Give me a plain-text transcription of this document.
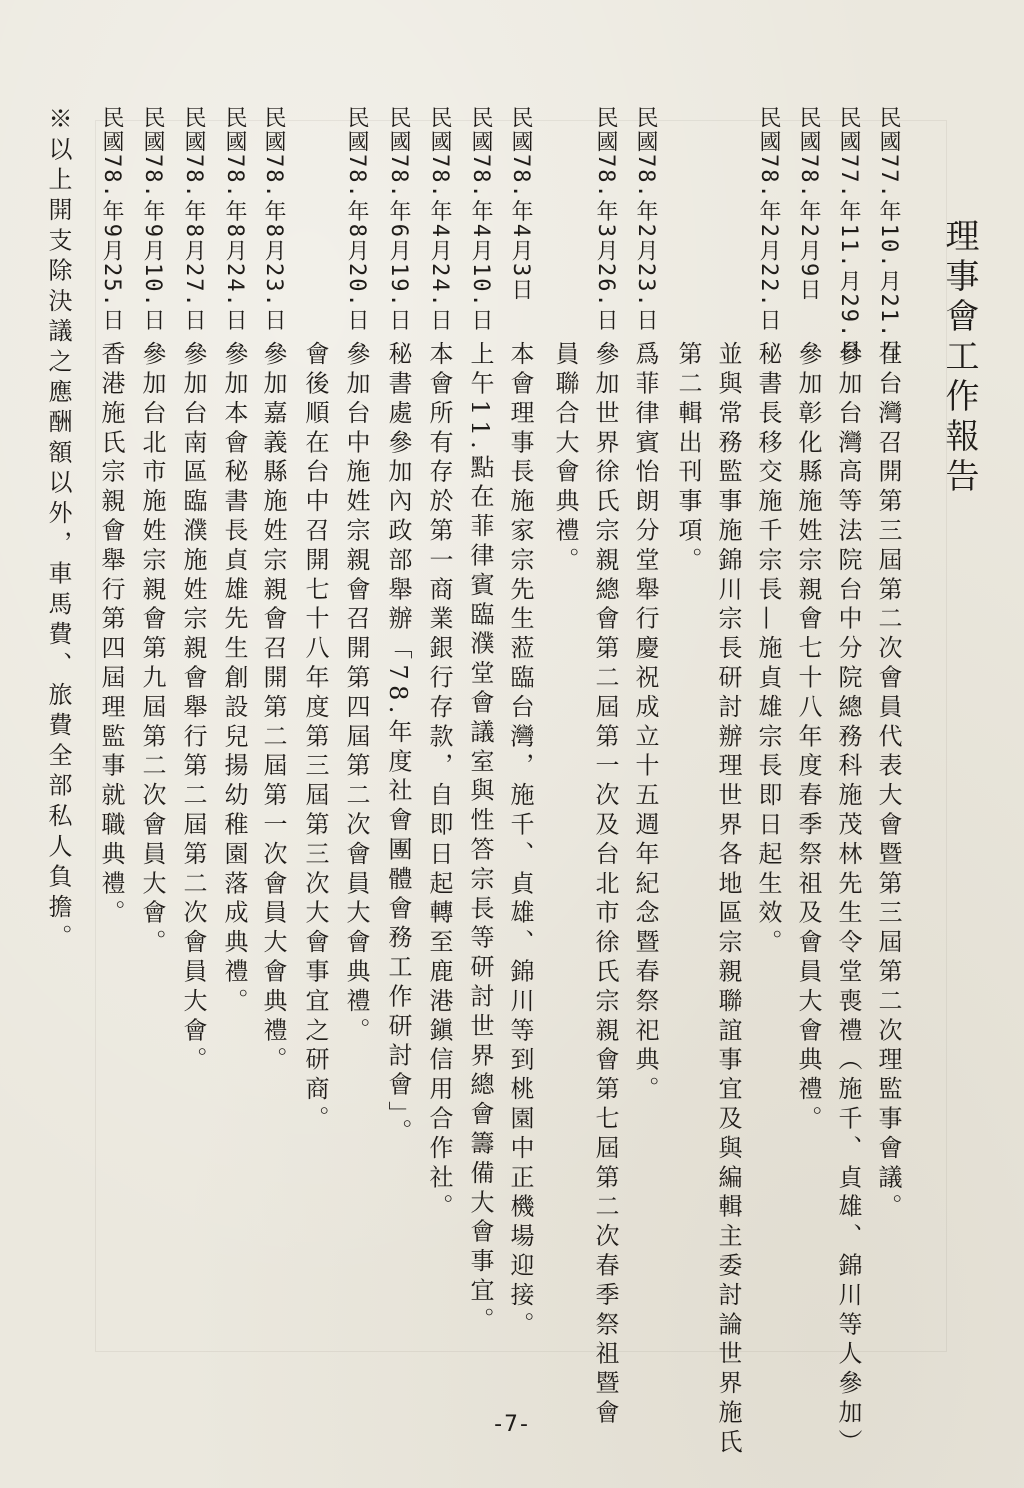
理事會工作報告
民國77.年10.月21.日在台灣召開第三屆第二次會員代表大會暨第三屆第二次理監事會議。
民國77.年11.月29.日參加台灣高等法院台中分院總務科施茂林先生令堂喪禮（施千、貞雄、錦川等人參加）
民國78.年2月9日參加彰化縣施姓宗親會七十八年度春季祭祖及會員大會典禮。
民國78.年2月22.日秘書長移交施千宗長—施貞雄宗長即日起生效。
並與常務監事施錦川宗長研討辦理世界各地區宗親聯誼事宜及與編輯主委討論世界施氏
第二輯出刊事項。
民國78.年2月23.日爲菲律賓怡朗分堂舉行慶祝成立十五週年紀念暨春祭祀典。
民國78.年3月26.日參加世界徐氏宗親總會第二屆第一次及台北市徐氏宗親會第七屆第二次春季祭祖暨會
員聯合大會典禮。
民國78.年4月3日本會理事長施家宗先生蒞臨台灣，施千、貞雄、錦川等到桃園中正機場迎接。
民國78.年4月10.日上午11.點在菲律賓臨濮堂會議室與性答宗長等研討世界總會籌備大會事宜。
民國78.年4月24.日本會所有存於第一商業銀行存款，自即日起轉至鹿港鎭信用合作社。
民國78.年6月19.日秘書處參加內政部舉辦「78.年度社會團體會務工作研討會」。
民國78.年8月20.日參加台中施姓宗親會召開第四屆第二次會員大會典禮。
會後順在台中召開七十八年度第三屆第三次大會事宜之研商。
民國78.年8月23.日參加嘉義縣施姓宗親會召開第二屆第一次會員大會典禮。
民國78.年8月24.日參加本會秘書長貞雄先生創設兒揚幼稚園落成典禮。
民國78.年8月27.日參加台南區臨濮施姓宗親會舉行第二屆第二次會員大會。
民國78.年9月10.日參加台北市施姓宗親會第九屆第二次會員大會。
民國78.年9月25.日香港施氏宗親會舉行第四屆理監事就職典禮。
※以上開支除決議之應酬額以外，車馬費、旅費全部私人負擔。
-7-
